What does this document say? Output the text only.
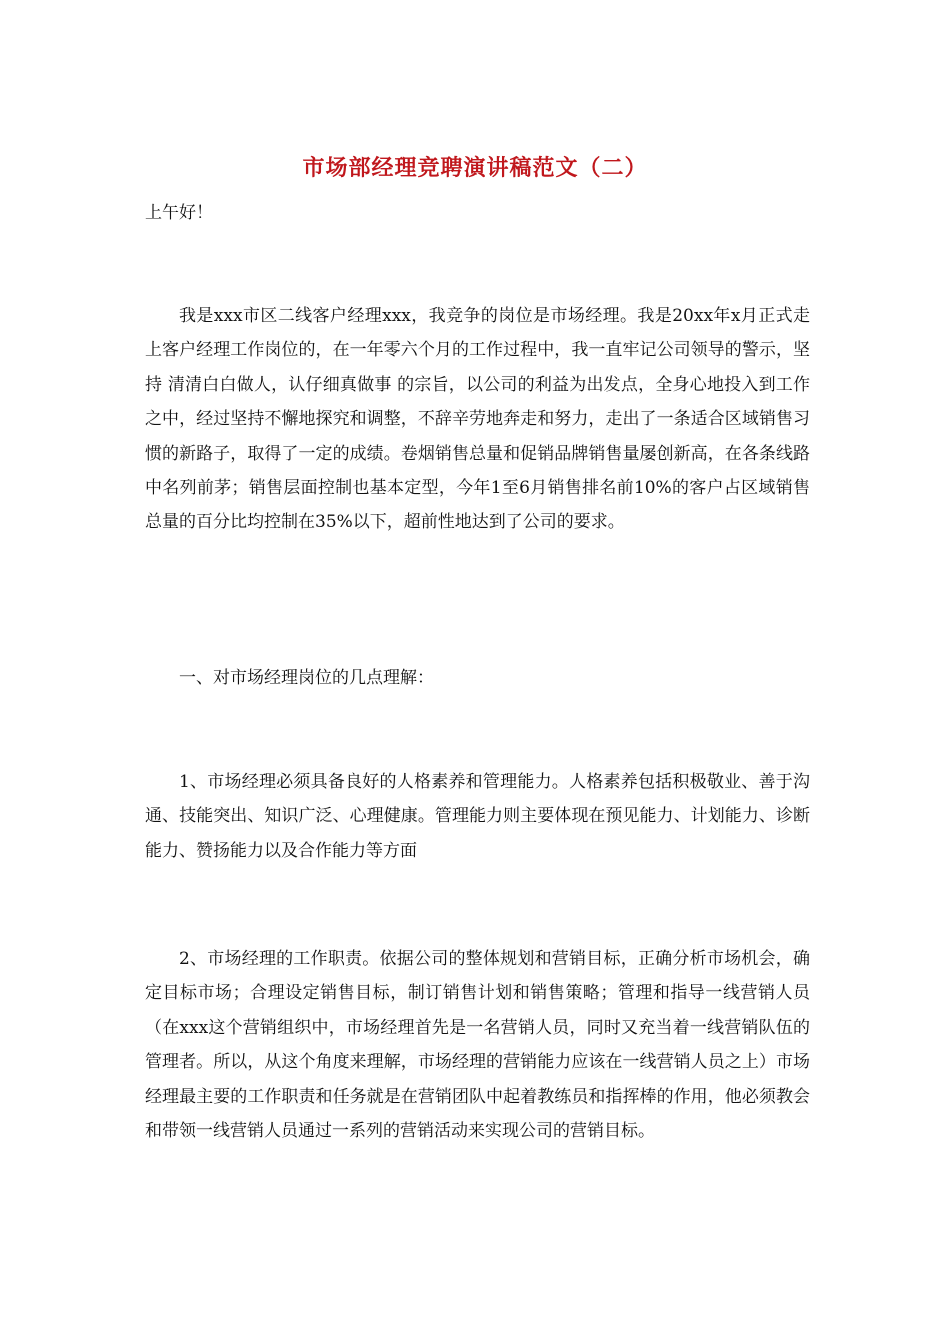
市场部经理竞聘演讲稿范文（二）
上午好！

我是xxx市区二线客户经理xxx，我竞争的岗位是市场经理。我是20xx年x月正式走上客户经理工作岗位的，在一年零六个月的工作过程中，我一直牢记公司领导的警示，坚持 清清白白做人，认仔细真做事 的宗旨，以公司的利益为出发点，全身心地投入到工作之中，经过坚持不懈地探究和调整，不辞辛劳地奔走和努力，走出了一条适合区域销售习惯的新路子，取得了一定的成绩。卷烟销售总量和促销品牌销售量屡创新高，在各条线路中名列前茅；销售层面控制也基本定型，今年1至6月销售排名前10%的客户占区域销售总量的百分比均控制在35%以下，超前性地达到了公司的要求。

一、对市场经理岗位的几点理解：

1、市场经理必须具备良好的人格素养和管理能力。人格素养包括积极敬业、善于沟通、技能突出、知识广泛、心理健康。管理能力则主要体现在预见能力、计划能力、诊断能力、赞扬能力以及合作能力等方面

2、市场经理的工作职责。依据公司的整体规划和营销目标，正确分析市场机会，确定目标市场；合理设定销售目标，制订销售计划和销售策略；管理和指导一线营销人员（在xxx这个营销组织中，市场经理首先是一名营销人员，同时又充当着一线营销队伍的管理者。所以，从这个角度来理解，市场经理的营销能力应该在一线营销人员之上）市场经理最主要的工作职责和任务就是在营销团队中起着教练员和指挥棒的作用，他必须教会和带领一线营销人员通过一系列的营销活动来实现公司的营销目标。
